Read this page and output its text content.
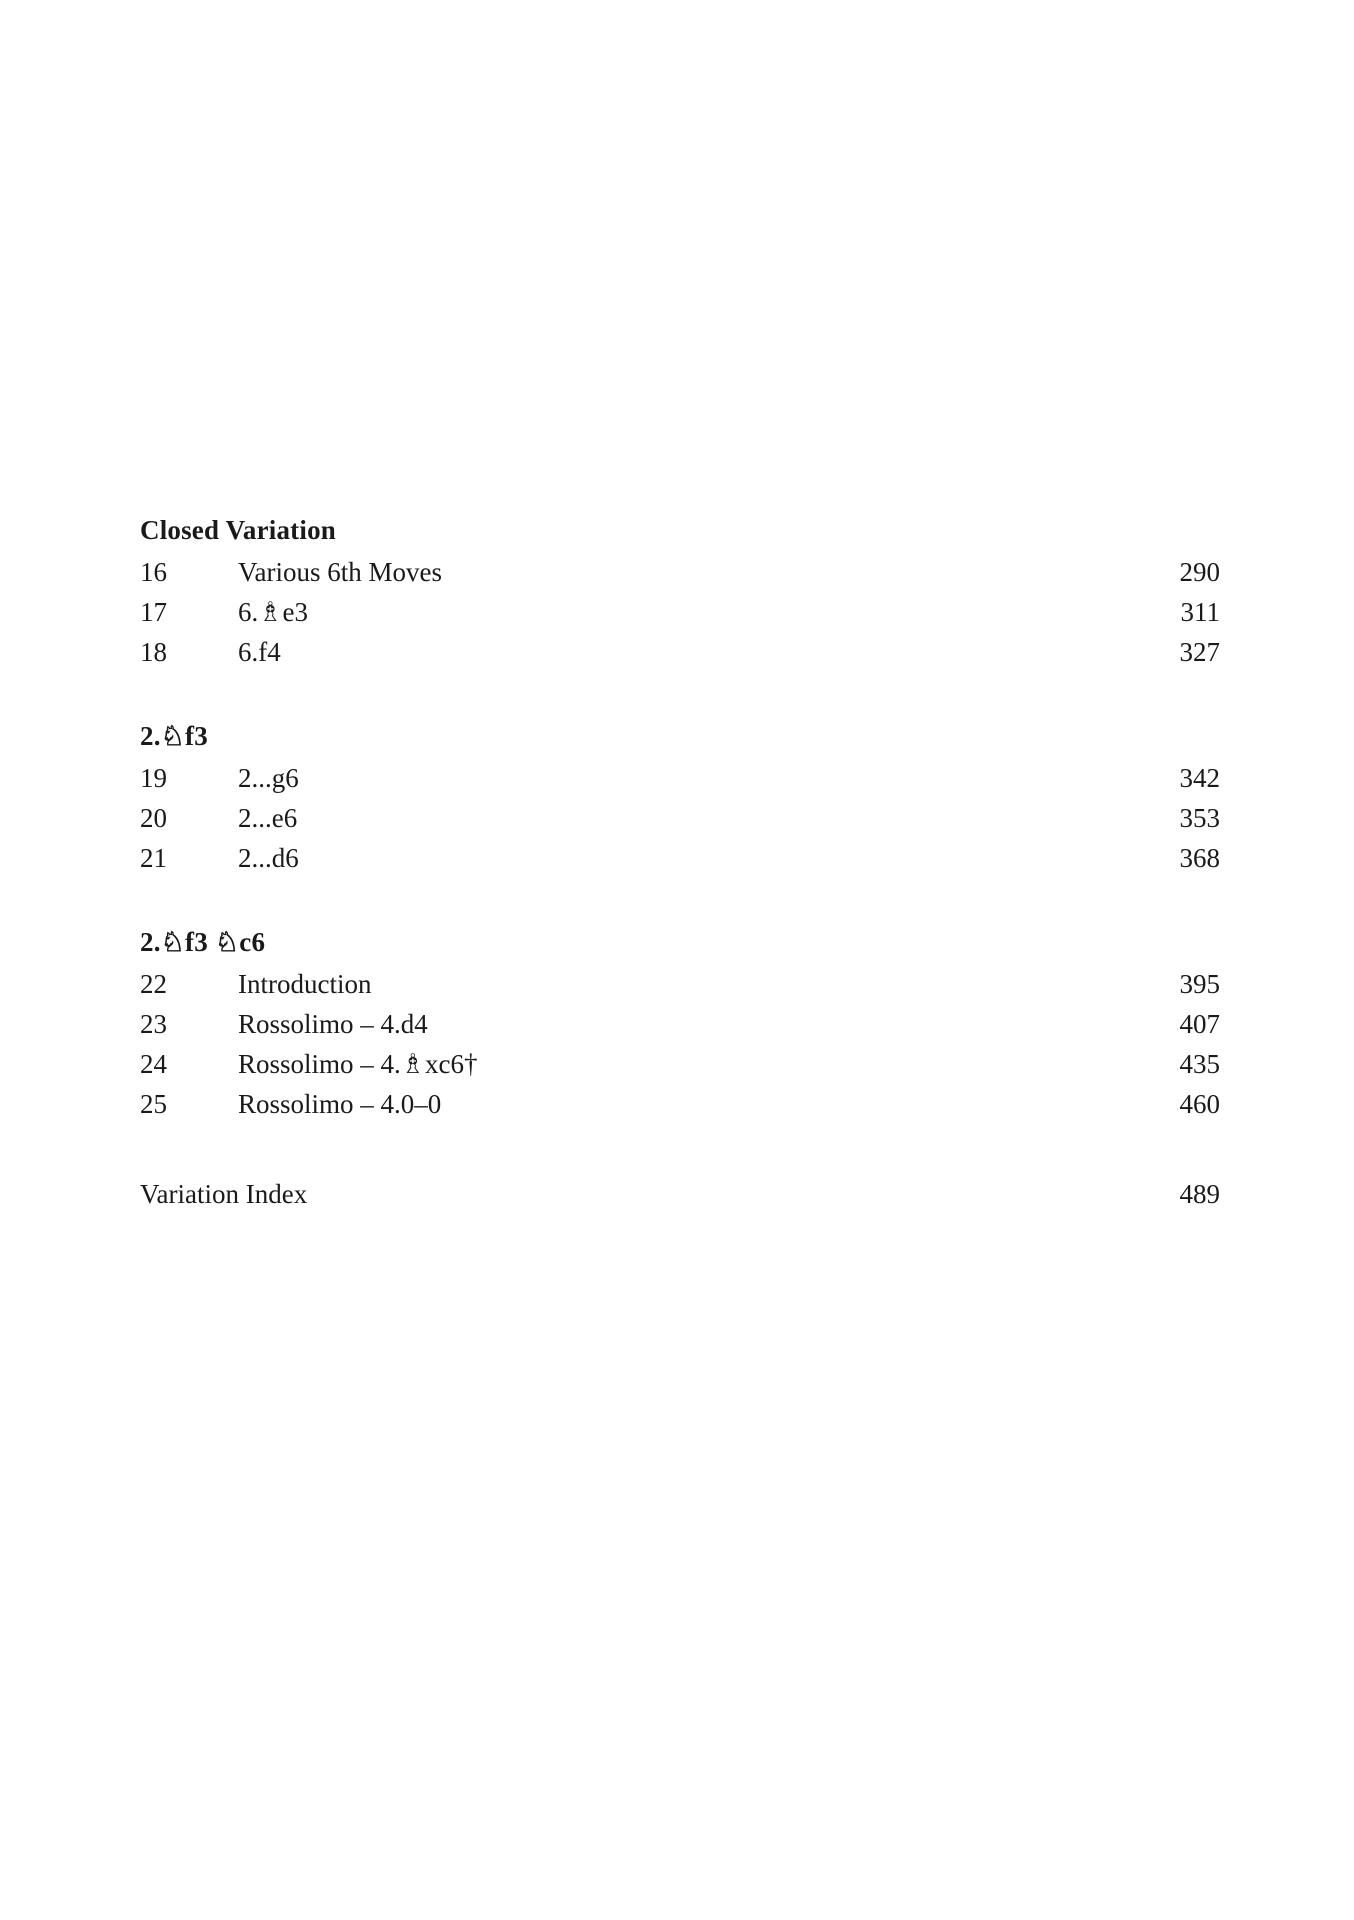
Closed Variation
16	Various 6th Moves	290
17	6.♗e3	311
18	6.f4	327
2.♘f3
19	2...g6	342
20	2...e6	353
21	2...d6	368
2.♘f3 ♘c6
22	Introduction	395
23	Rossolimo – 4.d4	407
24	Rossolimo – 4.♗xc6†	435
25	Rossolimo – 4.0–0	460
Variation Index	489
